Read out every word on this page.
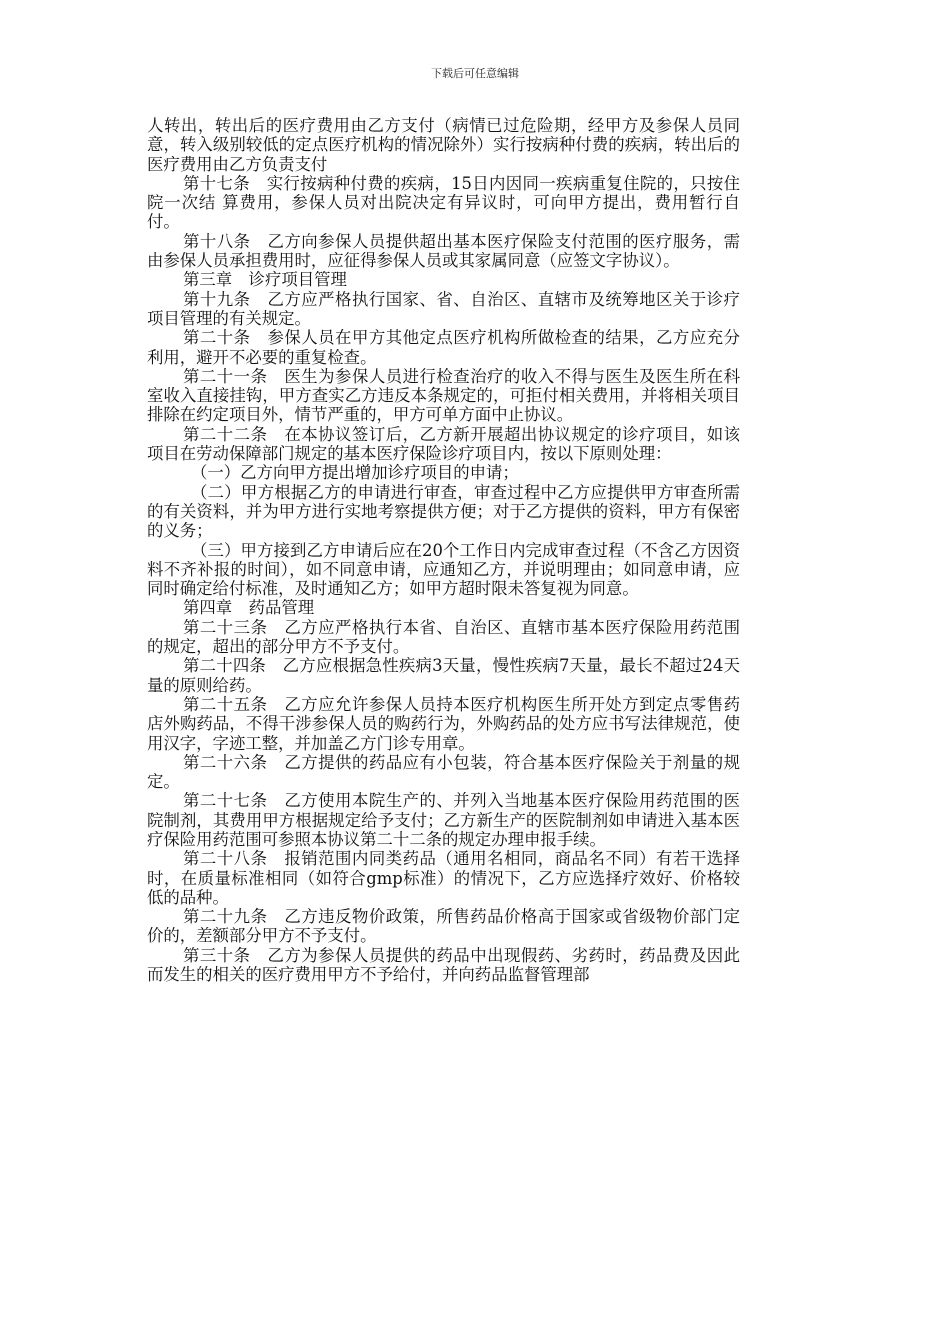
下载后可任意编辑

人转出，转出后的医疗费用由乙方支付（病情已过危险期，经甲方及参保人员同意，转入级别较低的定点医疗机构的情况除外）实行按病种付费的疾病，转出后的医疗费用由乙方负责支付

第十七条　实行按病种付费的疾病，15日内因同一疾病重复住院的，只按住院一次结 算费用，参保人员对出院决定有异议时，可向甲方提出，费用暂行自付。

第十八条　乙方向参保人员提供超出基本医疗保险支付范围的医疗服务，需由参保人员承担费用时，应征得参保人员或其家属同意（应签文字协议）。

第三章　诊疗项目管理

第十九条　乙方应严格执行国家、省、自治区、直辖市及统筹地区关于诊疗项目管理的有关规定。

第二十条　参保人员在甲方其他定点医疗机构所做检查的结果，乙方应充分利用，避开不必要的重复检查。

第二十一条　医生为参保人员进行检查治疗的收入不得与医生及医生所在科室收入直接挂钩，甲方查实乙方违反本条规定的，可拒付相关费用，并将相关项目排除在约定项目外，情节严重的，甲方可单方面中止协议。

第二十二条　在本协议签订后，乙方新开展超出协议规定的诊疗项目，如该项目在劳动保障部门规定的基本医疗保险诊疗项目内，按以下原则处理：

（一）乙方向甲方提出增加诊疗项目的申请；

（二）甲方根据乙方的申请进行审查，审查过程中乙方应提供甲方审查所需的有关资料，并为甲方进行实地考察提供方便；对于乙方提供的资料，甲方有保密的义务；

（三）甲方接到乙方申请后应在20个工作日内完成审查过程（不含乙方因资料不齐补报的时间），如不同意申请，应通知乙方，并说明理由；如同意申请，应同时确定给付标准，及时通知乙方；如甲方超时限未答复视为同意。

第四章　药品管理

第二十三条　乙方应严格执行本省、自治区、直辖市基本医疗保险用药范围的规定，超出的部分甲方不予支付。

第二十四条　乙方应根据急性疾病3天量，慢性疾病7天量，最长不超过24天量的原则给药。

第二十五条　乙方应允许参保人员持本医疗机构医生所开处方到定点零售药店外购药品，不得干涉参保人员的购药行为，外购药品的处方应书写法律规范，使用汉字，字迹工整，并加盖乙方门诊专用章。

第二十六条　乙方提供的药品应有小包装，符合基本医疗保险关于剂量的规定。

第二十七条　乙方使用本院生产的、并列入当地基本医疗保险用药范围的医院制剂，其费用甲方根据规定给予支付；乙方新生产的医院制剂如申请进入基本医疗保险用药范围可参照本协议第二十二条的规定办理申报手续。

第二十八条　报销范围内同类药品（通用名相同，商品名不同）有若干选择 时，在质量标准相同（如符合gmp标准）的情况下，乙方应选择疗效好、价格较低的品种。

第二十九条　乙方违反物价政策，所售药品价格高于国家或省级物价部门定价的，差额部分甲方不予支付。

第三十条　乙方为参保人员提供的药品中出现假药、劣药时，药品费及因此而发生的相关的医疗费用甲方不予给付，并向药品监督管理部
